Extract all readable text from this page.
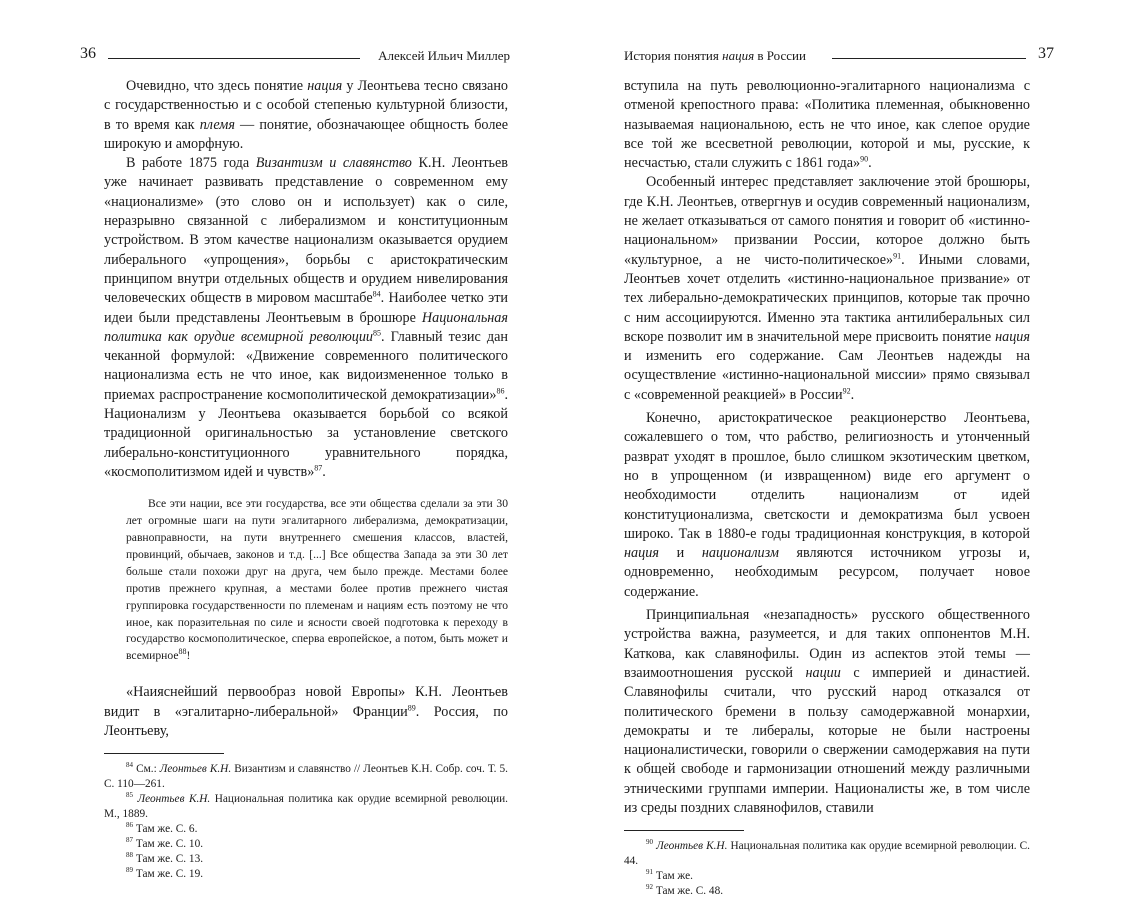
36	Алексей Ильич Миллер

Очевидно, что здесь понятие нация у Леонтьева тесно связано с государственностью и с особой степенью культурной близости, в то время как племя — понятие, обозначающее общность более широкую и аморфную.

В работе 1875 года Византизм и славянство К.Н. Леонтьев уже начинает развивать представление о современном ему «национализме» (это слово он и использует) как о силе, неразрывно связанной с либерализмом и конституционным устройством. В этом качестве национализм оказывается орудием либерального «упрощения», борьбы с аристократическим принципом внутри отдельных обществ и орудием нивелирования человеческих обществ в мировом масштабе$^{84}$. Наиболее четко эти идеи были представлены Леонтьевым в брошюре Национальная политика как орудие всемирной революции$^{85}$. Главный тезис дан чеканной формулой: «Движение современного политического национализма есть не что иное, как видоизмененное только в приемах распространение космополитической демократизации»$^{86}$. Национализм у Леонтьева оказывается борьбой со всякой традиционной оригинальностью за установление светского либерально-конституционного уравнительного порядка, «космополитизмом идей и чувств»$^{87}$.

Все эти нации, все эти государства, все эти общества сделали за эти 30 лет огромные шаги на пути эгалитарного либерализма, демократизации, равноправности, на пути внутреннего смешения классов, властей, провинций, обычаев, законов и т.д. [...] Все общества Запада за эти 30 лет больше стали похожи друг на друга, чем было прежде. Местами более против прежнего крупная, а местами более против прежнего чистая группировка государственности по племенам и нациям есть поэтому не что иное, как поразительная по силе и ясности своей подготовка к переходу в государство космополитическое, сперва европейское, а потом, быть может и всемирное$^{88}$!

«Наияснейший первообраз новой Европы» К.Н. Леонтьев видит в «эгалитарно-либеральной» Франции$^{89}$. Россия, по Леонтьеву,

$^{84}$ См.: Леонтьев К.Н. Византизм и славянство // Леонтьев К.Н. Собр. соч. Т. 5. С. 110—261.

$^{85}$ Леонтьев К.Н. Национальная политика как орудие всемирной революции. М., 1889.

$^{86}$ Там же. С. 6.

$^{87}$ Там же. С. 10.

$^{88}$ Там же. С. 13.

$^{89}$ Там же. С. 19.

История понятия нация в России	37

вступила на путь революционно-эгалитарного национализма с отменой крепостного права: «Политика племенная, обыкновенно называемая национальною, есть не что иное, как слепое орудие все той же всесветной революции, которой и мы, русские, к несчастью, стали служить с 1861 года»$^{90}$.

Особенный интерес представляет заключение этой брошюры, где К.Н. Леонтьев, отвергнув и осудив современный национализм, не желает отказываться от самого понятия и говорит об «истинно-национальном» призвании России, которое должно быть «культурное, а не чисто-политическое»$^{91}$. Иными словами, Леонтьев хочет отделить «истинно-национальное призвание» от тех либерально-демократических принципов, которые так прочно с ним ассоциируются. Именно эта тактика антилиберальных сил вскоре позволит им в значительной мере присвоить понятие нация и изменить его содержание. Сам Леонтьев надежды на осуществление «истинно-национальной миссии» прямо связывал с «современной реакцией» в России$^{92}$.

Конечно, аристократическое реакционерство Леонтьева, сожалевшего о том, что рабство, религиозность и утонченный разврат уходят в прошлое, было слишком экзотическим цветком, но в упрощенном (и извращенном) виде его аргумент о необходимости отделить национализм от идей конституционализма, светскости и демократизма был усвоен широко. Так в 1880-е годы традиционная конструкция, в которой нация и национализм являются источником угрозы и, одновременно, необходимым ресурсом, получает новое содержание.

Принципиальная «незападность» русского общественного устройства важна, разумеется, и для таких оппонентов М.Н. Каткова, как славянофилы. Один из аспектов этой темы — взаимоотношения русской нации с империей и династией. Славянофилы считали, что русский народ отказался от политического бремени в пользу самодержавной монархии, демократы и те либералы, которые не были настроены националистически, говорили о свержении самодержавия на пути к общей свободе и гармонизации отношений между различными этническими группами империи. Националисты же, в том числе из среды поздних славянофилов, ставили

$^{90}$ Леонтьев К.Н. Национальная политика как орудие всемирной революции. С. 44.

$^{91}$ Там же.

$^{92}$ Там же. С. 48.
